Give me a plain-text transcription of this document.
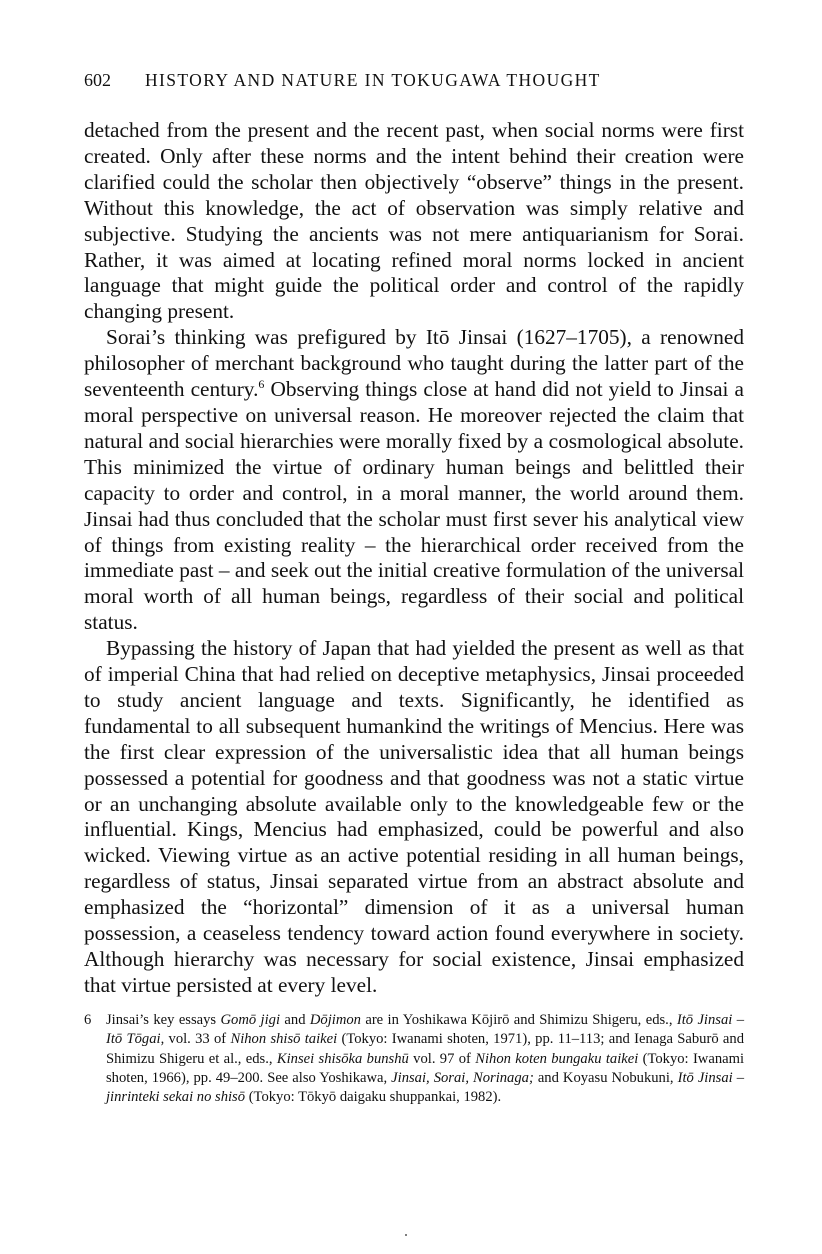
602 HISTORY AND NATURE IN TOKUGAWA THOUGHT

detached from the present and the recent past, when social norms were first created. Only after these norms and the intent behind their creation were clarified could the scholar then objectively “observe” things in the present. Without this knowledge, the act of observation was simply relative and subjective. Studying the ancients was not mere antiquarianism for Sorai. Rather, it was aimed at locating refined moral norms locked in ancient language that might guide the political order and control of the rapidly changing present.

Sorai’s thinking was prefigured by Itō Jinsai (1627–1705), a renowned philosopher of merchant background who taught during the latter part of the seventeenth century.$^6$ Observing things close at hand did not yield to Jinsai a moral perspective on universal reason. He moreover rejected the claim that natural and social hierarchies were morally fixed by a cosmological absolute. This minimized the virtue of ordinary human beings and belittled their capacity to order and control, in a moral manner, the world around them. Jinsai had thus concluded that the scholar must first sever his analytical view of things from existing reality – the hierarchical order received from the immediate past – and seek out the initial creative formulation of the universal moral worth of all human beings, regardless of their social and political status.

Bypassing the history of Japan that had yielded the present as well as that of imperial China that had relied on deceptive metaphysics, Jinsai proceeded to study ancient language and texts. Significantly, he identified as fundamental to all subsequent humankind the writings of Mencius. Here was the first clear expression of the universalistic idea that all human beings possessed a potential for goodness and that goodness was not a static virtue or an unchanging absolute available only to the knowledgeable few or the influential. Kings, Mencius had emphasized, could be powerful and also wicked. Viewing virtue as an active potential residing in all human beings, regardless of status, Jinsai separated virtue from an abstract absolute and emphasized the “horizontal” dimension of it as a universal human possession, a ceaseless tendency toward action found everywhere in society. Although hierarchy was necessary for social existence, Jinsai emphasized that virtue persisted at every level.

6 Jinsai’s key essays Gomō jigi and Dōjimon are in Yoshikawa Kōjirō and Shimizu Shigeru, eds., Itō Jinsai – Itō Tōgai, vol. 33 of Nihon shisō taikei (Tokyo: Iwanami shoten, 1971), pp. 11–113; and Ienaga Saburō and Shimizu Shigeru et al., eds., Kinsei shisōka bunshū vol. 97 of Nihon koten bungaku taikei (Tokyo: Iwanami shoten, 1966), pp. 49–200. See also Yoshikawa, Jinsai, Sorai, Norinaga; and Koyasu Nobukuni, Itō Jinsai – jinrinteki sekai no shisō (Tokyo: Tōkyō daigaku shuppankai, 1982).
